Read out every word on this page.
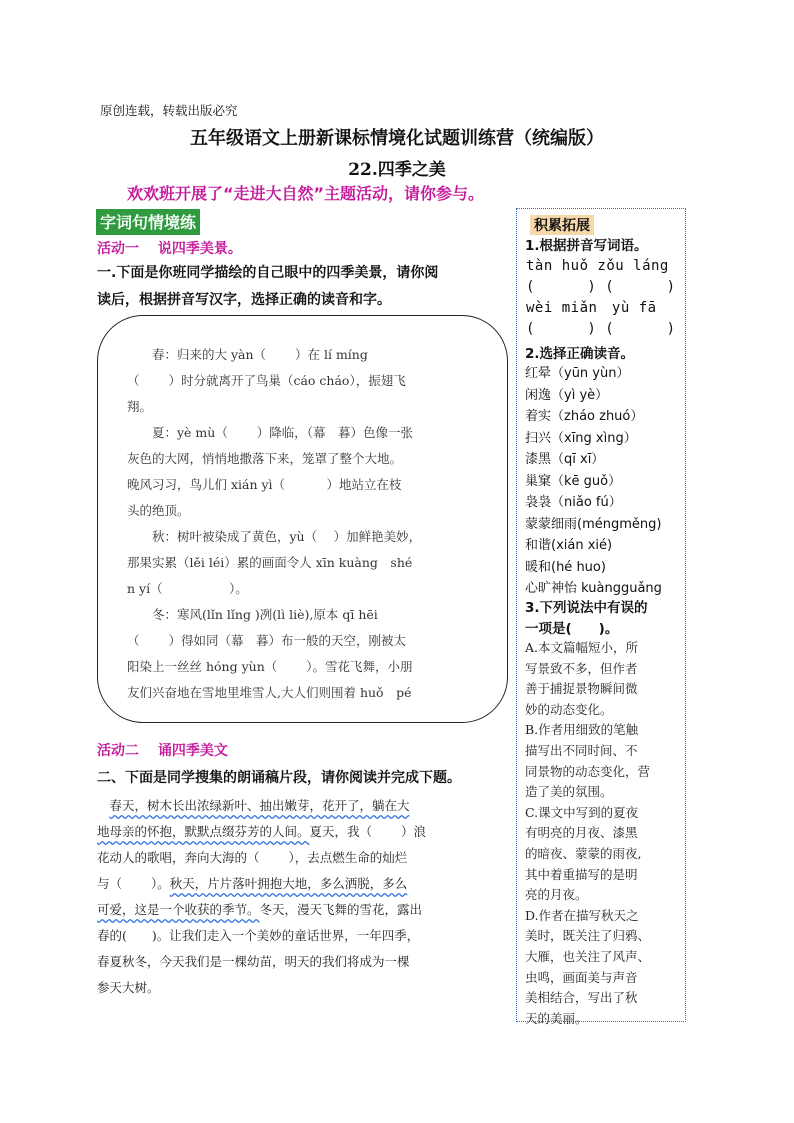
原创连载，转载出版必究
五年级语文上册新课标情境化试题训练营（统编版）
22.四季之美
欢欢班开展了“走进大自然”主题活动，请你参与。
字词句情境练
活动一　 说四季美景。
一.下面是你班同学描绘的自己眼中的四季美景，请你阅
读后，根据拼音写汉字，选择正确的读音和字。
　　春：归来的大 yàn（　　 ）在 lí míng
（　　 ）时分就离开了鸟巢（cáo cháo），振翅飞
翔。
　　夏：yè mù（　　 ）降临，（幕　暮）色像一张
灰色的大网，悄悄地撒落下来，笼罩了整个大地。
晚风习习，鸟儿们 xián yì（　　　 ）地站立在枝
头的绝顶。
　　秋：树叶被染成了黄色，yù（　 ）加鲜艳美妙，
那果实累（lěi léi）累的画面令人 xīn kuàng　shé
n yí（　　　　　 ）。
　　冬：寒风(lǐn lǐng )冽(lì liè),原本 qī hēi
（　　 ）得如同（幕　暮）布一般的天空，刚被太
阳染上一丝丝 hóng yùn（　　 ）。雪花飞舞，小朋
友们兴奋地在雪地里堆雪人,大人们则围着 huǒ　pé
活动二　 诵四季美文
二、下面是同学搜集的朗诵稿片段，请你阅读并完成下题。
　春天，树木长出浓绿新叶、抽出嫩芽，花开了，躺在大
地母亲的怀抱，默默点缀芬芳的人间。夏天，我（　　 ）浪
花动人的歌唱，奔向大海的（　　 ），去点燃生命的灿烂
与（　　 ）。秋天，片片落叶拥抱大地，多么洒脱，多么
可爱，这是一个收获的季节。冬天，漫天飞舞的雪花，露出
春的(　　)。让我们走入一个美妙的童话世界，一年四季，
春夏秋冬，今天我们是一棵幼苗，明天的我们将成为一棵
参天大树。
积累拓展
1.根据拼音写词语。
tàn huǒ zǒu láng
(　　　 ) (　　　 )
wèi miǎn　yù fā
(　　　 ) (　　　 )
2.选择正确读音。
红晕（yūn yùn）
闲逸（yì yè）
着实（zháo zhuó）
扫兴（xīng xìng）
漆黑（qī xī）
巢窠（kē guǒ）
袅袅（niǎo fú）
蒙蒙细雨(méngměng)
和谐(xián xié)
暖和(hé huo)
心旷神怡 kuàngguǎng
3.下列说法中有误的
一项是(　　)。
A.本文篇幅短小，所
写景致不多，但作者
善于捕捉景物瞬间微
妙的动态变化。
B.作者用细致的笔触
描写出不同时间、不
同景物的动态变化，营
造了美的氛围。
C.课文中写到的夏夜
有明亮的月夜、漆黑
的暗夜、蒙蒙的雨夜,
其中着重描写的是明
亮的月夜。
D.作者在描写秋天之
美时，既关注了归鸦、
大雁，也关注了风声、
虫鸣，画面美与声音
美相结合，写出了秋
天的美丽。
